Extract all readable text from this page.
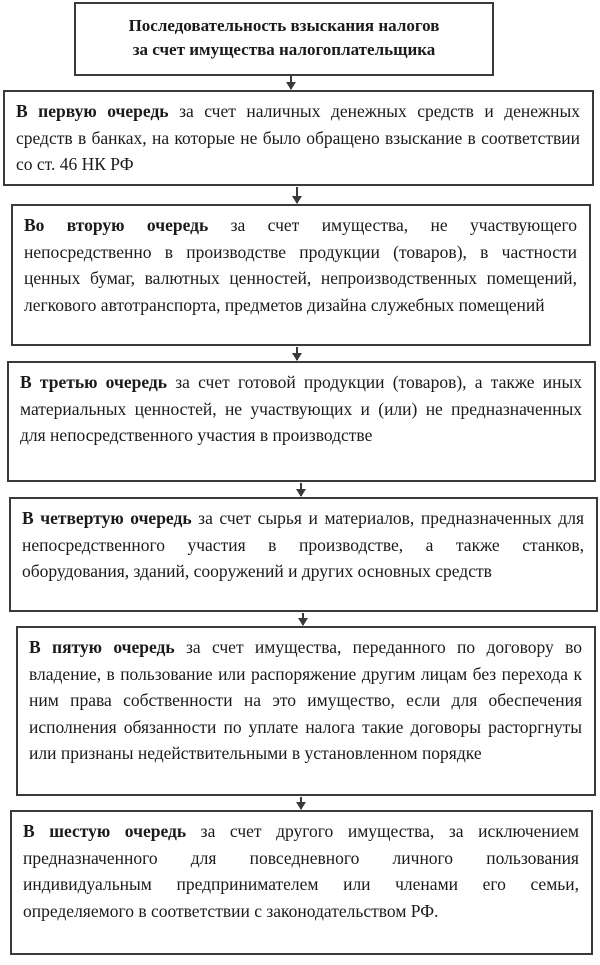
Последовательность взыскания налогов
за счет имущества налогоплательщика
В первую очередь за счет наличных денежных средств и денежных средств в банках, на которые не было обращено взыскание в соответствии со ст. 46 НК РФ
Во вторую очередь за счет имущества, не участвующего непосредственно в производстве продукции (товаров), в частности ценных бумаг, валютных ценностей, непроизводственных помещений, легкового автотранспорта, предметов дизайна служебных помещений
В третью очередь за счет готовой продукции (товаров), а также иных материальных ценностей, не участвующих и (или) не предназначенных для непосредственного участия в производстве
В четвертую очередь за счет сырья и материалов, предназначенных для непосредственного участия в производстве, а также станков, оборудования, зданий, сооружений и других основных средств
В пятую очередь за счет имущества, переданного по договору во владение, в пользование или распоряжение другим лицам без перехода к ним права собственности на это имущество, если для обеспечения исполнения обязанности по уплате налога такие договоры расторгнуты или признаны недействительными в установленном порядке
В шестую очередь за счет другого имущества, за исключением предназначенного для повседневного личного пользования индивидуальным предпринимателем или членами его семьи, определяемого в соответствии с законодательством РФ.
